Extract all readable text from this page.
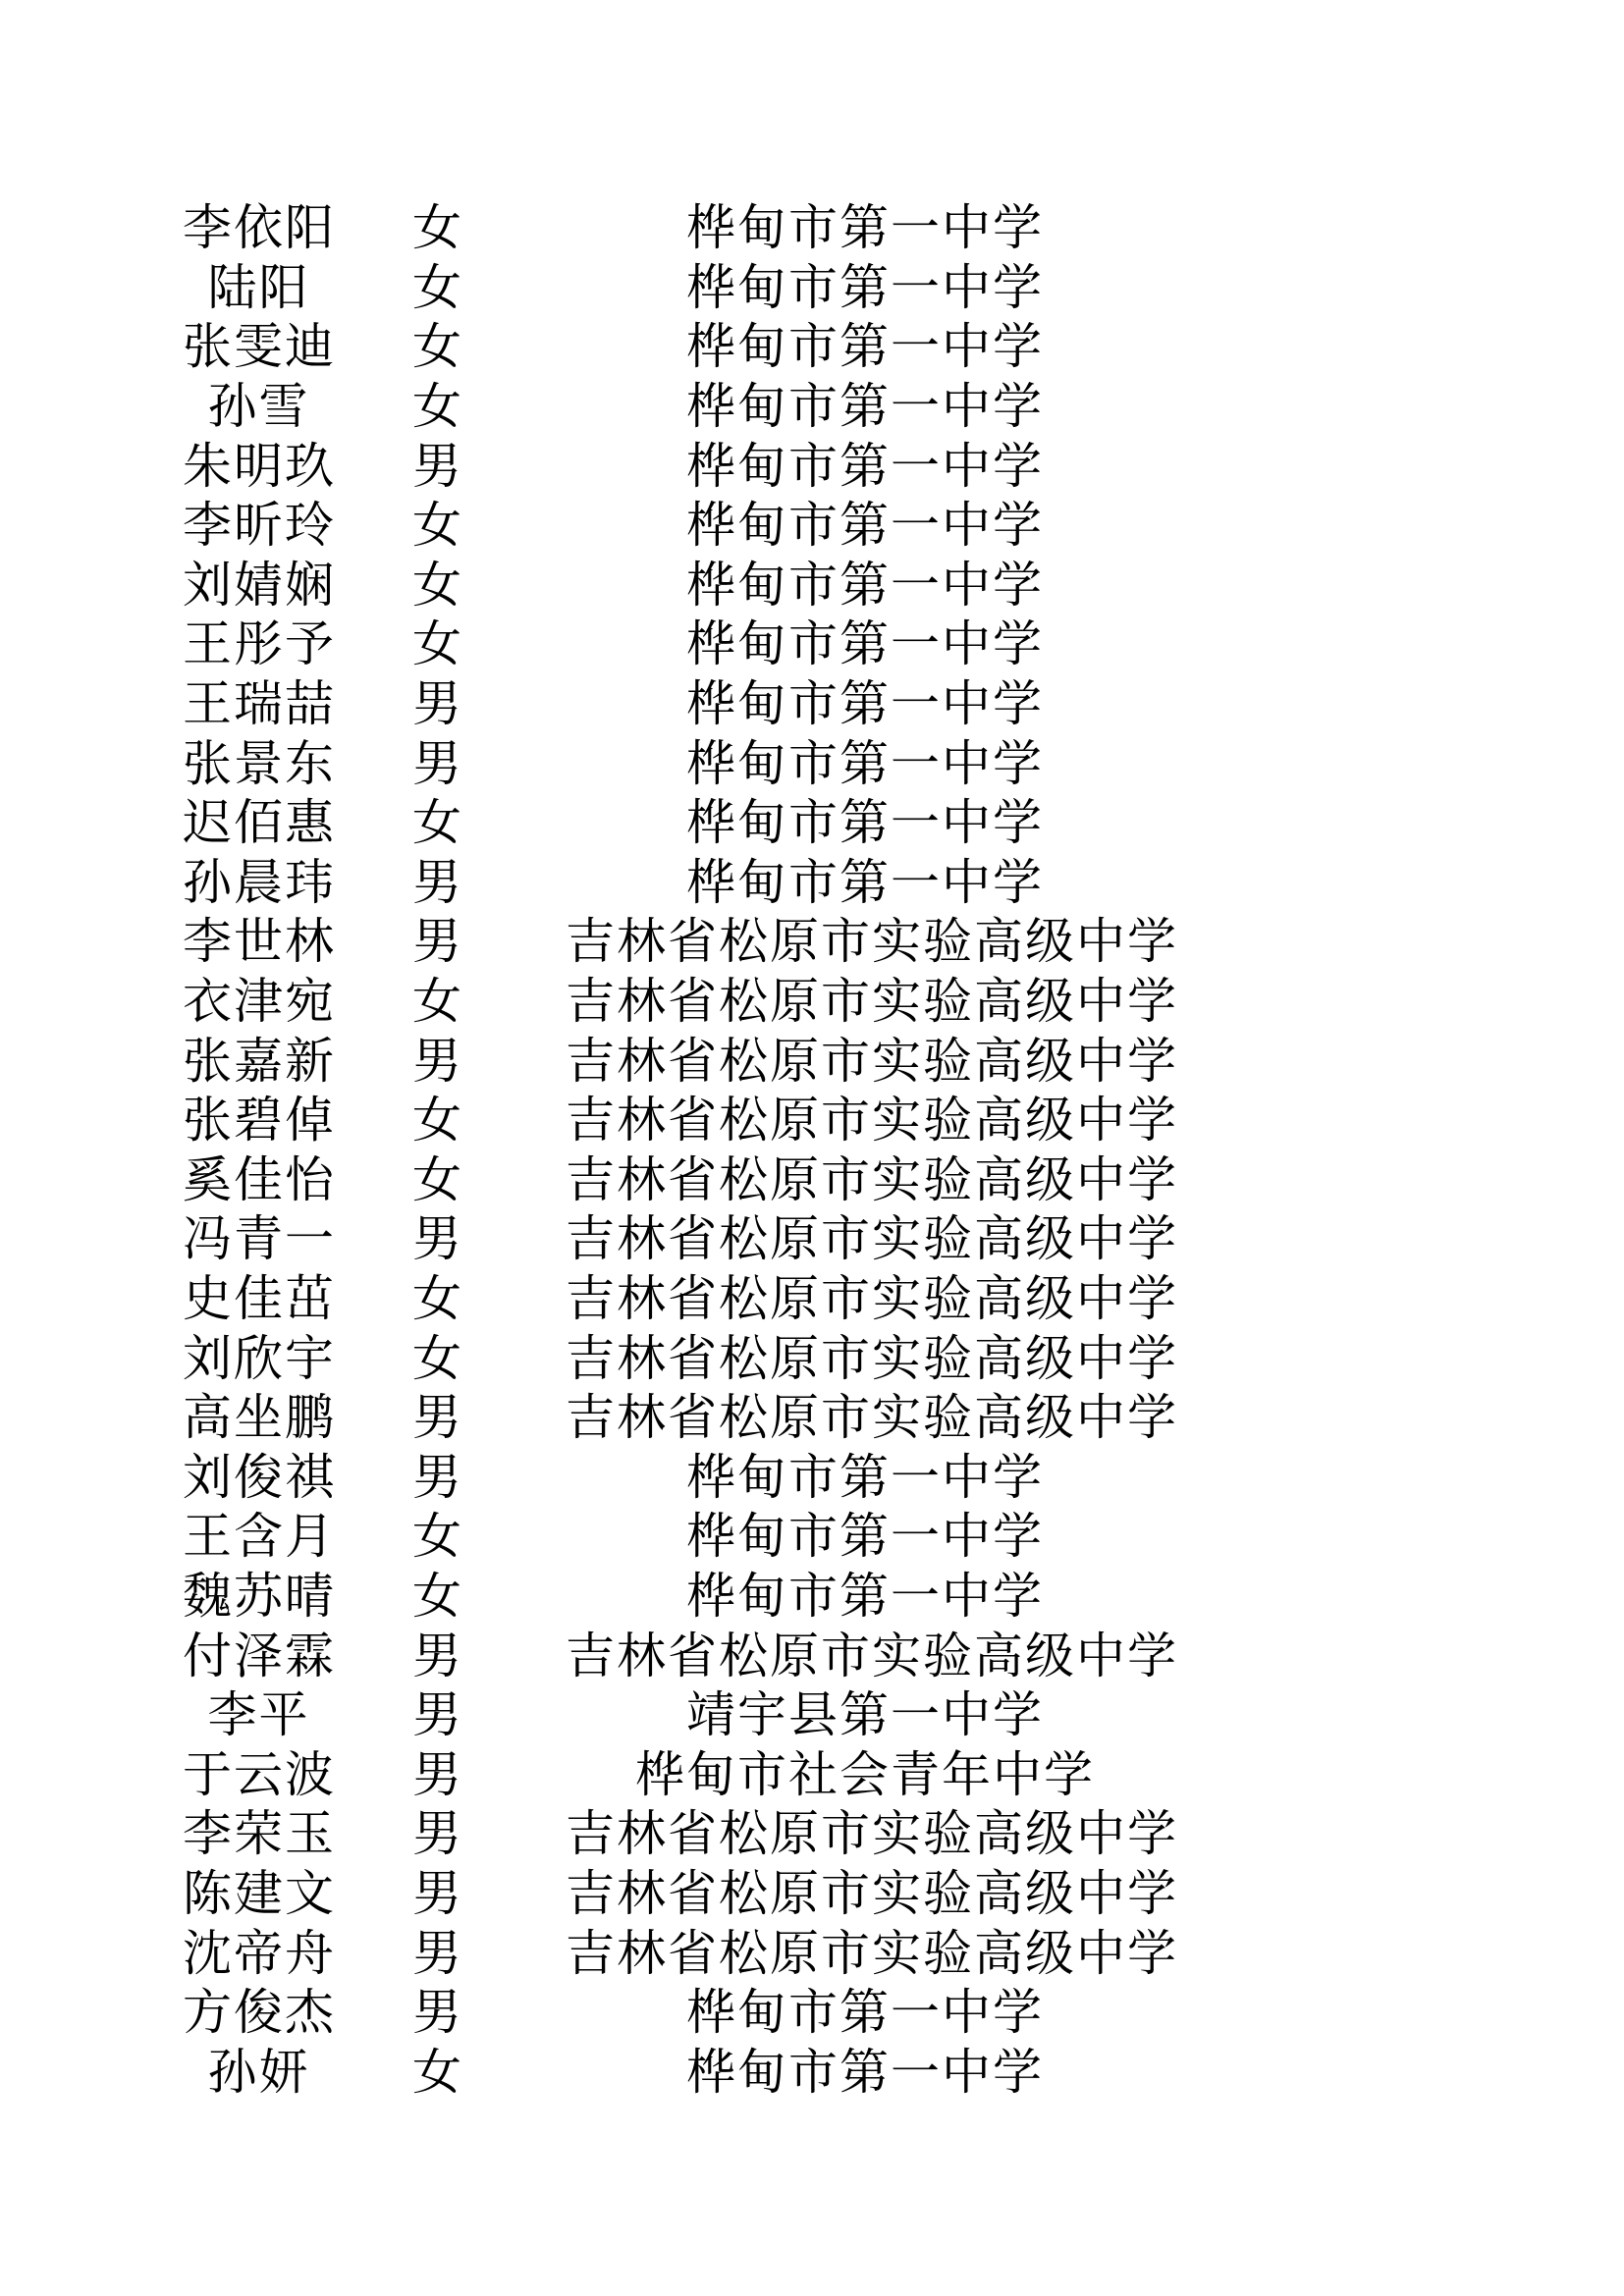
李依阳	女	桦甸市第一中学
陆阳	女	桦甸市第一中学
张雯迪	女	桦甸市第一中学
孙雪	女	桦甸市第一中学
朱明玖	男	桦甸市第一中学
李昕玲	女	桦甸市第一中学
刘婧娴	女	桦甸市第一中学
王彤予	女	桦甸市第一中学
王瑞喆	男	桦甸市第一中学
张景东	男	桦甸市第一中学
迟佰惠	女	桦甸市第一中学
孙晨玮	男	桦甸市第一中学
李世林	男	吉林省松原市实验高级中学
衣津宛	女	吉林省松原市实验高级中学
张嘉新	男	吉林省松原市实验高级中学
张碧倬	女	吉林省松原市实验高级中学
奚佳怡	女	吉林省松原市实验高级中学
冯青一	男	吉林省松原市实验高级中学
史佳茁	女	吉林省松原市实验高级中学
刘欣宇	女	吉林省松原市实验高级中学
高坐鹏	男	吉林省松原市实验高级中学
刘俊祺	男	桦甸市第一中学
王含月	女	桦甸市第一中学
魏苏晴	女	桦甸市第一中学
付泽霖	男	吉林省松原市实验高级中学
李平	男	靖宇县第一中学
于云波	男	桦甸市社会青年中学
李荣玉	男	吉林省松原市实验高级中学
陈建文	男	吉林省松原市实验高级中学
沈帝舟	男	吉林省松原市实验高级中学
方俊杰	男	桦甸市第一中学
孙妍	女	桦甸市第一中学
